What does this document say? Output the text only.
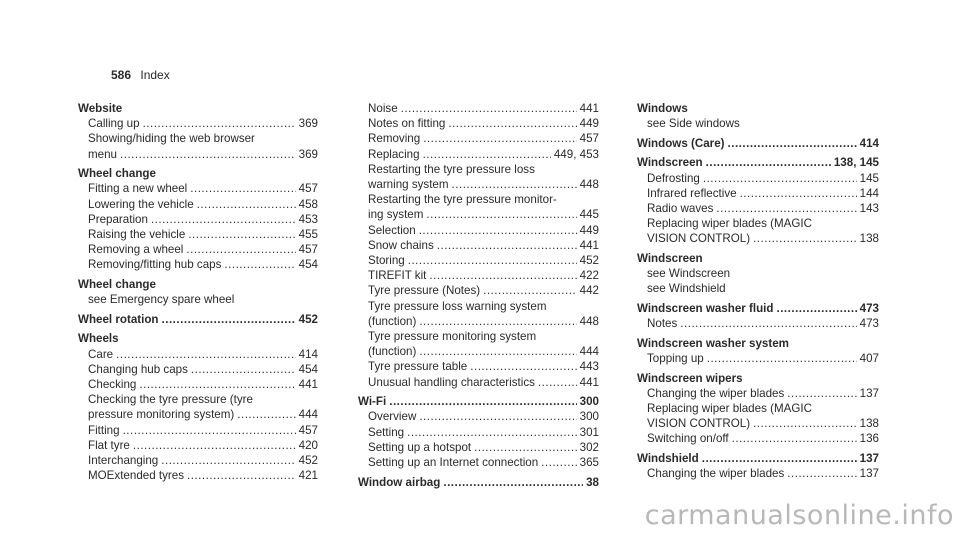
586 Index
Website
Calling up .....	369
Showing/hiding the web browser
menu .....	369
Wheel change
Fitting a new wheel .....	457
Lowering the vehicle .....	458
Preparation .....	453
Raising the vehicle .....	455
Removing a wheel .....	457
Removing/fitting hub caps .....	454
Wheel change
see Emergency spare wheel
Wheel rotation .....	452
Wheels
Care .....	414
Changing hub caps .....	454
Checking .....	441
Checking the tyre pressure (tyre
pressure monitoring system) .....	444
Fitting .....	457
Flat tyre .....	420
Interchanging .....	452
MOExtended tyres .....	421
Noise .....	441
Notes on fitting .....	449
Removing .....	457
Replacing .....	449, 453
Restarting the tyre pressure loss
warning system .....	448
Restarting the tyre pressure monitor-
ing system .....	445
Selection .....	449
Snow chains .....	441
Storing .....	452
TIREFIT kit .....	422
Tyre pressure (Notes) .....	442
Tyre pressure loss warning system
(function) .....	448
Tyre pressure monitoring system
(function) .....	444
Tyre pressure table .....	443
Unusual handling characteristics .....	441
Wi-Fi .....	300
Overview .....	300
Setting .....	301
Setting up a hotspot .....	302
Setting up an Internet connection .....	365
Window airbag .....	38
Windows
see Side windows
Windows (Care) .....	414
Windscreen .....	138, 145
Defrosting .....	145
Infrared reflective .....	144
Radio waves .....	143
Replacing wiper blades (MAGIC
VISION CONTROL) .....	138
Windscreen
see Windscreen
see Windshield
Windscreen washer fluid .....	473
Notes .....	473
Windscreen washer system
Topping up .....	407
Windscreen wipers
Changing the wiper blades .....	137
Replacing wiper blades (MAGIC
VISION CONTROL) .....	138
Switching on/off .....	136
Windshield .....	137
Changing the wiper blades .....	137
carmanualsonline.info
